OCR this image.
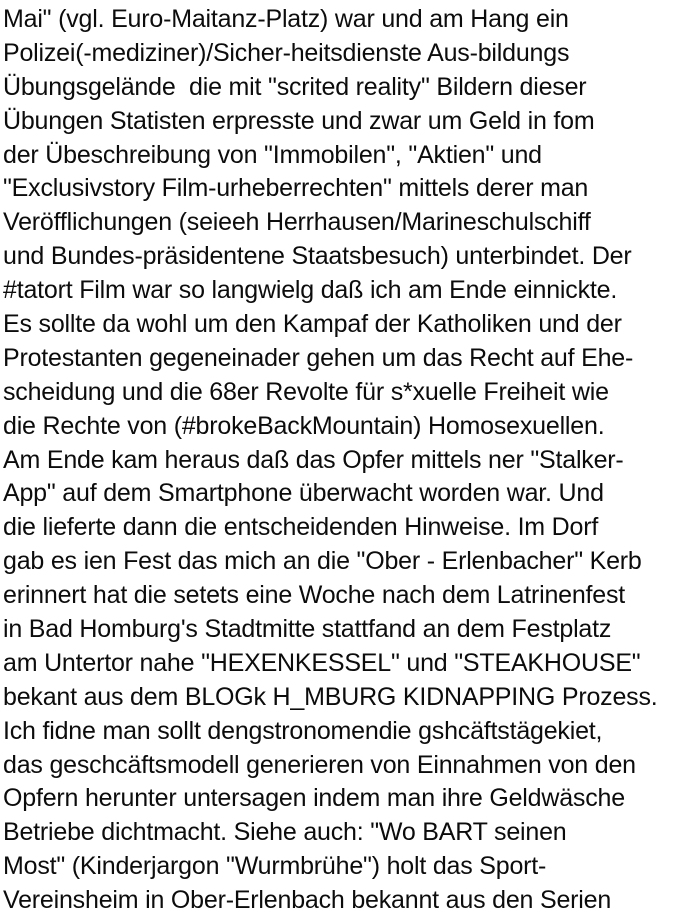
Mai" (vgl. Euro-Maitanz-Platz) war und am Hang ein
Polizei(-mediziner)/Sicher-heitsdienste Aus-bildungs
Übungsgelände  die mit "scrited reality" Bildern dieser
Übungen Statisten erpresste und zwar um Geld in fom
der Übeschreibung von "Immobilen", "Aktien" und
"Exclusivstory Film-urheberrechten" mittels derer man
Veröfflichungen (seieeh Herrhausen/Marineschulschiff
und Bundes-präsidentene Staatsbesuch) unterbindet. Der
#tatort Film war so langwielg daß ich am Ende einnickte.
Es sollte da wohl um den Kampaf der Katholiken und der
Protestanten gegeneinader gehen um das Recht auf Ehe-
scheidung und die 68er Revolte für s*xuelle Freiheit wie
die Rechte von (#brokeBackMountain) Homosexuellen.
Am Ende kam heraus daß das Opfer mittels ner "Stalker-
App" auf dem Smartphone überwacht worden war. Und
die lieferte dann die entscheidenden Hinweise. Im Dorf
gab es ien Fest das mich an die "Ober - Erlenbacher" Kerb
erinnert hat die setets eine Woche nach dem Latrinenfest
in Bad Homburg's Stadtmitte stattfand an dem Festplatz
am Untertor nahe "HEXENKESSEL" und "STEAKHOUSE"
bekant aus dem BLOGk H_MBURG KIDNAPPING Prozess.
Ich fidne man sollt dengstronomendie gshcäftstägekiet,
das geschcäftsmodell generieren von Einnahmen von den
Opfern herunter untersagen indem man ihre Geldwäsche
Betriebe dichtmacht. Siehe auch: "Wo BART seinen
Most" (Kinderjargon "Wurmbrühe") holt das Sport-
Vereinsheim in Ober-Erlenbach bekannt aus den Serien
